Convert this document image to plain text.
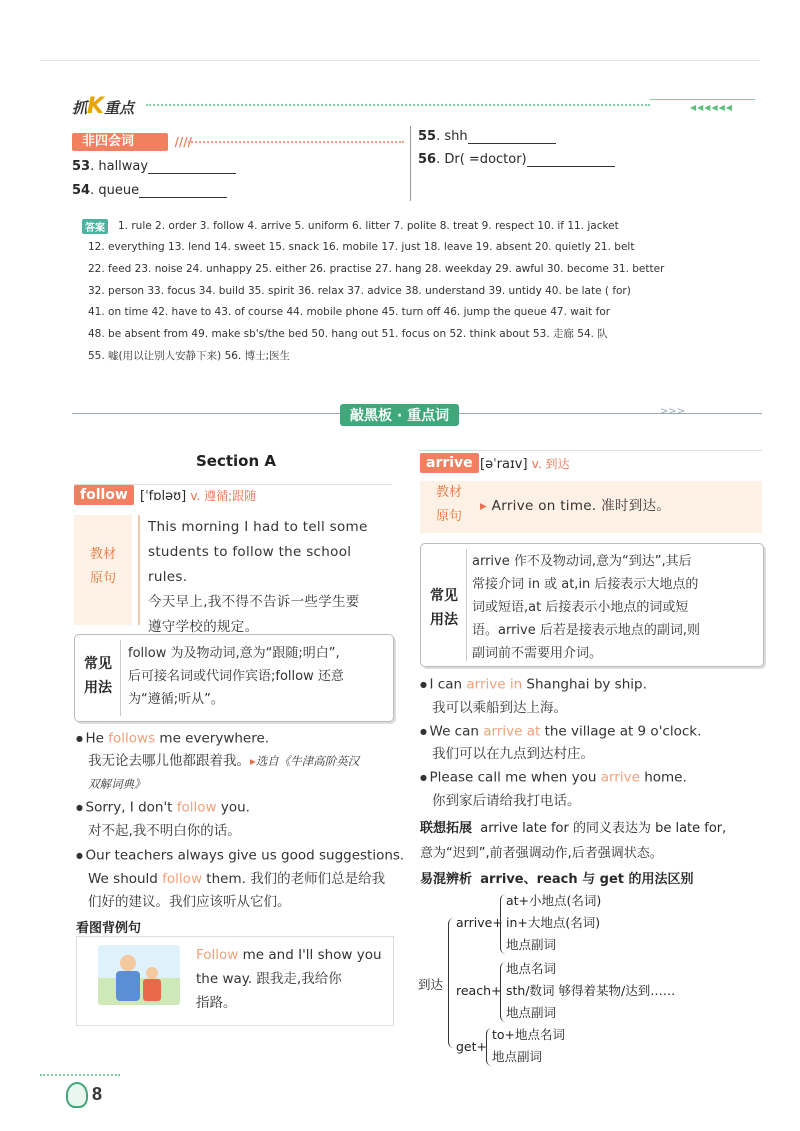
抓K重点	◀◀◀◀◀◀
非四会词 ////
53. hallway
54. queue
55. shh
56. Dr( =doctor)
答案 1. rule 2. order 3. follow 4. arrive 5. uniform 6. litter 7. polite 8. treat 9. respect 10. if 11. jacket
12. everything 13. lend 14. sweet 15. snack 16. mobile 17. just 18. leave 19. absent 20. quietly 21. belt
22. feed 23. noise 24. unhappy 25. either 26. practise 27. hang 28. weekday 29. awful 30. become 31. better
32. person 33. focus 34. build 35. spirit 36. relax 37. advice 38. understand 39. untidy 40. be late ( for)
41. on time 42. have to 43. of course 44. mobile phone 45. turn off 46. jump the queue 47. wait for
48. be absent from 49. make sb's/the bed 50. hang out 51. focus on 52. think about 53. 走廊 54. 队
55. 嘘(用以让别人安静下来) 56. 博士;医生
敲黑板 · 重点词	>>>
Section A
follow [ˈfɒləʊ] v. 遵循;跟随
教材
原句
This morning I had to tell some
students to follow the school rules.
今天早上,我不得不告诉一些学生要
遵守学校的规定。
常见
用法
follow 为及物动词,意为“跟随;明白”,
后可接名词或代词作宾语;follow 还意
为“遵循;听从”。
● He follows me everywhere.
我无论去哪儿他都跟着我。▸选自《牛津高阶英汉
双解词典》
● Sorry, I don't follow you.
对不起,我不明白你的话。
● Our teachers always give us good suggestions.
We should follow them. 我们的老师们总是给我
们好的建议。我们应该听从它们。
看图背例句
Follow me and I'll show you
the way. 跟我走,我给你
指路。
arrive [əˈraɪv] v. 到达
教材
原句
▸ Arrive on time. 准时到达。
常见
用法
arrive 作不及物动词,意为“到达”,其后
常接介词 in 或 at,in 后接表示大地点的
词或短语,at 后接表示小地点的词或短
语。arrive 后若是接表示地点的副词,则
副词前不需要用介词。
● I can arrive in Shanghai by ship.
我可以乘船到达上海。
● We can arrive at the village at 9 o'clock.
我们可以在九点到达村庄。
● Please call me when you arrive home.
你到家后请给我打电话。
联想拓展 arrive late for 的同义表达为 be late for,
意为“迟到”,前者强调动作,后者强调状态。
易混辨析 arrive、reach 与 get 的用法区别
到达
arrive+
at+小地点(名词)
in+大地点(名词)
地点副词
reach+
地点名词
sth/数词 够得着某物/达到……
地点副词
get+
to+地点名词
地点副词
8
